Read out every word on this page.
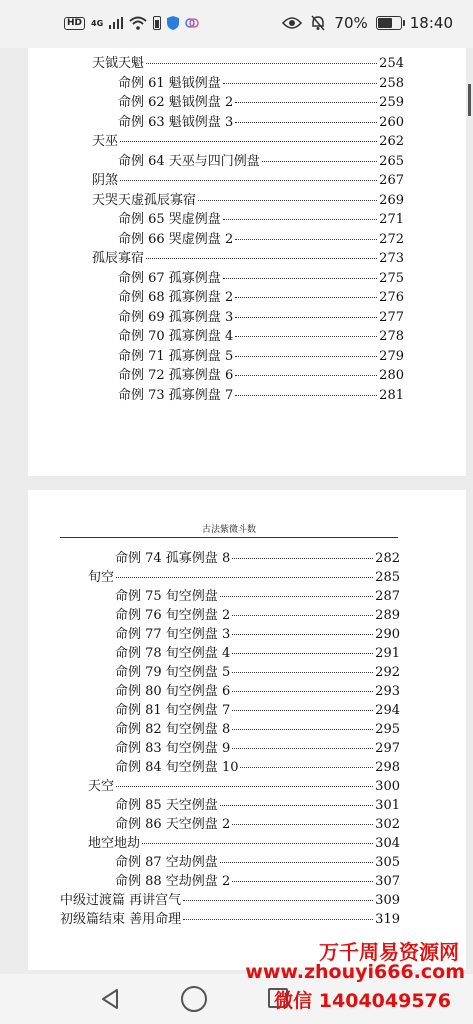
HD	4G	70%	18:40
天钺天魁	254
命例 61 魁钺例盘	258
命例 62 魁钺例盘 2	259
命例 63 魁钺例盘 3	260
天巫	262
命例 64 天巫与四门例盘	265
阴煞	267
天哭天虚孤辰寡宿	269
命例 65 哭虚例盘	271
命例 66 哭虚例盘 2	272
孤辰寡宿	273
命例 67 孤寡例盘	275
命例 68 孤寡例盘 2	276
命例 69 孤寡例盘 3	277
命例 70 孤寡例盘 4	278
命例 71 孤寡例盘 5	279
命例 72 孤寡例盘 6	280
命例 73 孤寡例盘 7	281
古法紫微斗数
命例 74 孤寡例盘 8	282
旬空	285
命例 75 旬空例盘	287
命例 76 旬空例盘 2	289
命例 77 旬空例盘 3	290
命例 78 旬空例盘 4	291
命例 79 旬空例盘 5	292
命例 80 旬空例盘 6	293
命例 81 旬空例盘 7	294
命例 82 旬空例盘 8	295
命例 83 旬空例盘 9	297
命例 84 旬空例盘 10	298
天空	300
命例 85 天空例盘	301
命例 86 天空例盘 2	302
地空地劫	304
命例 87 空劫例盘	305
命例 88 空劫例盘 2	307
中级过渡篇 再讲宫气	309
初级篇结束 善用命理	319
万千周易资源网
www.zhouyi666.com
微信 1404049576
